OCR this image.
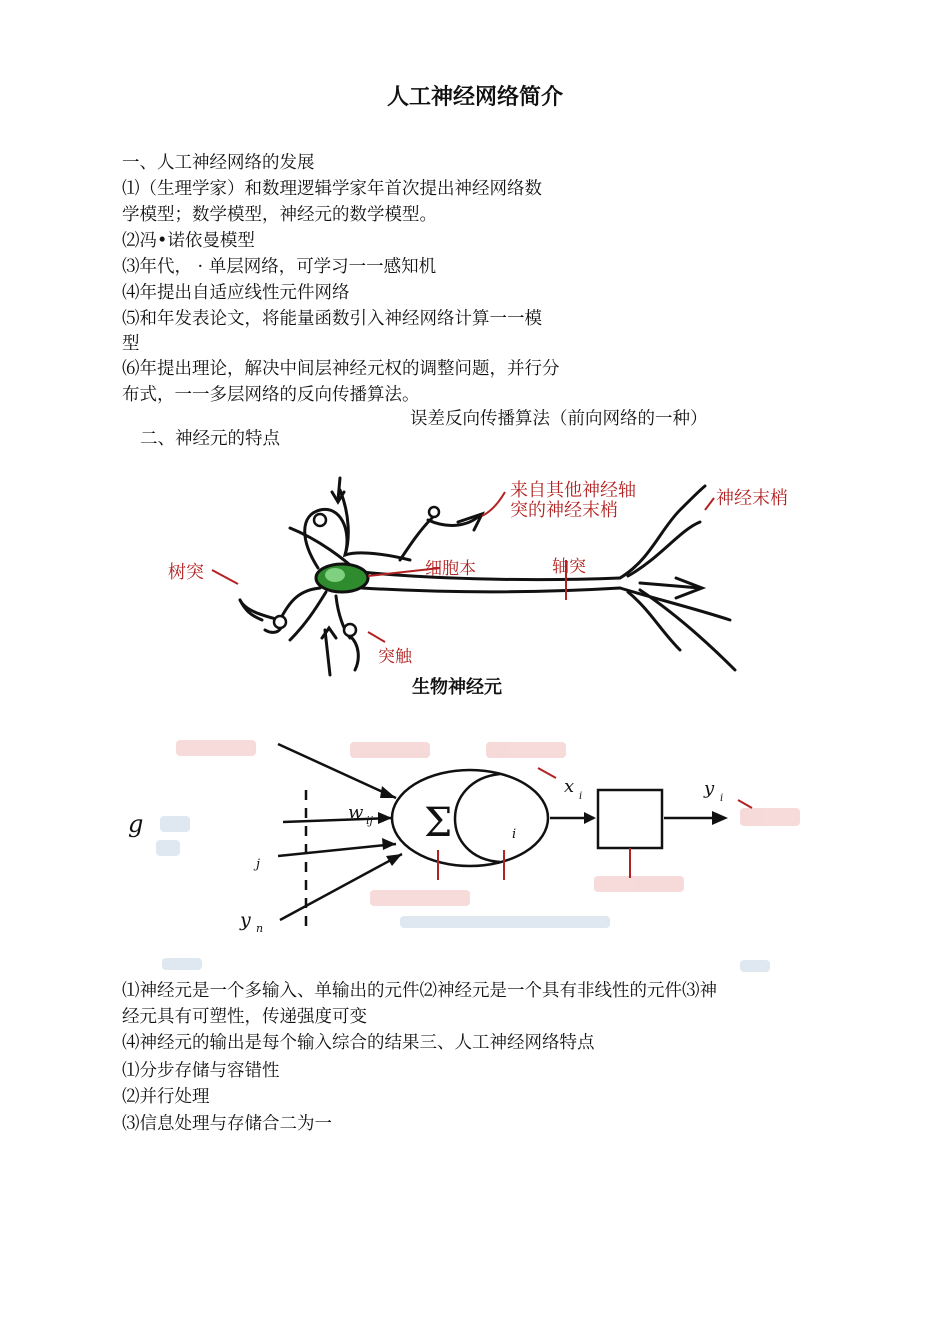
人工神经网络简介
一、人工神经网络的发展
⑴（生理学家）和数理逻辑学家年首次提出神经网络数
学模型；数学模型，神经元的数学模型。
⑵冯•诺依曼模型
⑶年代， · 单层网络，可学习一一感知机
⑷年提出自适应线性元件网络
⑸和年发表论文，将能量函数引入神经网络计算一一模
型
⑹年提出理论，解决中间层神经元权的调整问题，并行分
布式，一一多层网络的反向传播算法。
误差反向传播算法（前向网络的一种）
二、神经元的特点
树突
来自其他神经轴
突的神经末梢
神经末梢
细胞本	轴突
突触
生物神经元
g	w ij Σ	i
j
y n
x i	y i
⑴神经元是一个多输入、单输出的元件⑵神经元是一个具有非线性的元件⑶神
经元具有可塑性，传递强度可变
⑷神经元的输出是每个输入综合的结果三、人工神经网络特点
⑴分步存储与容错性
⑵并行处理
⑶信息处理与存储合二为一
